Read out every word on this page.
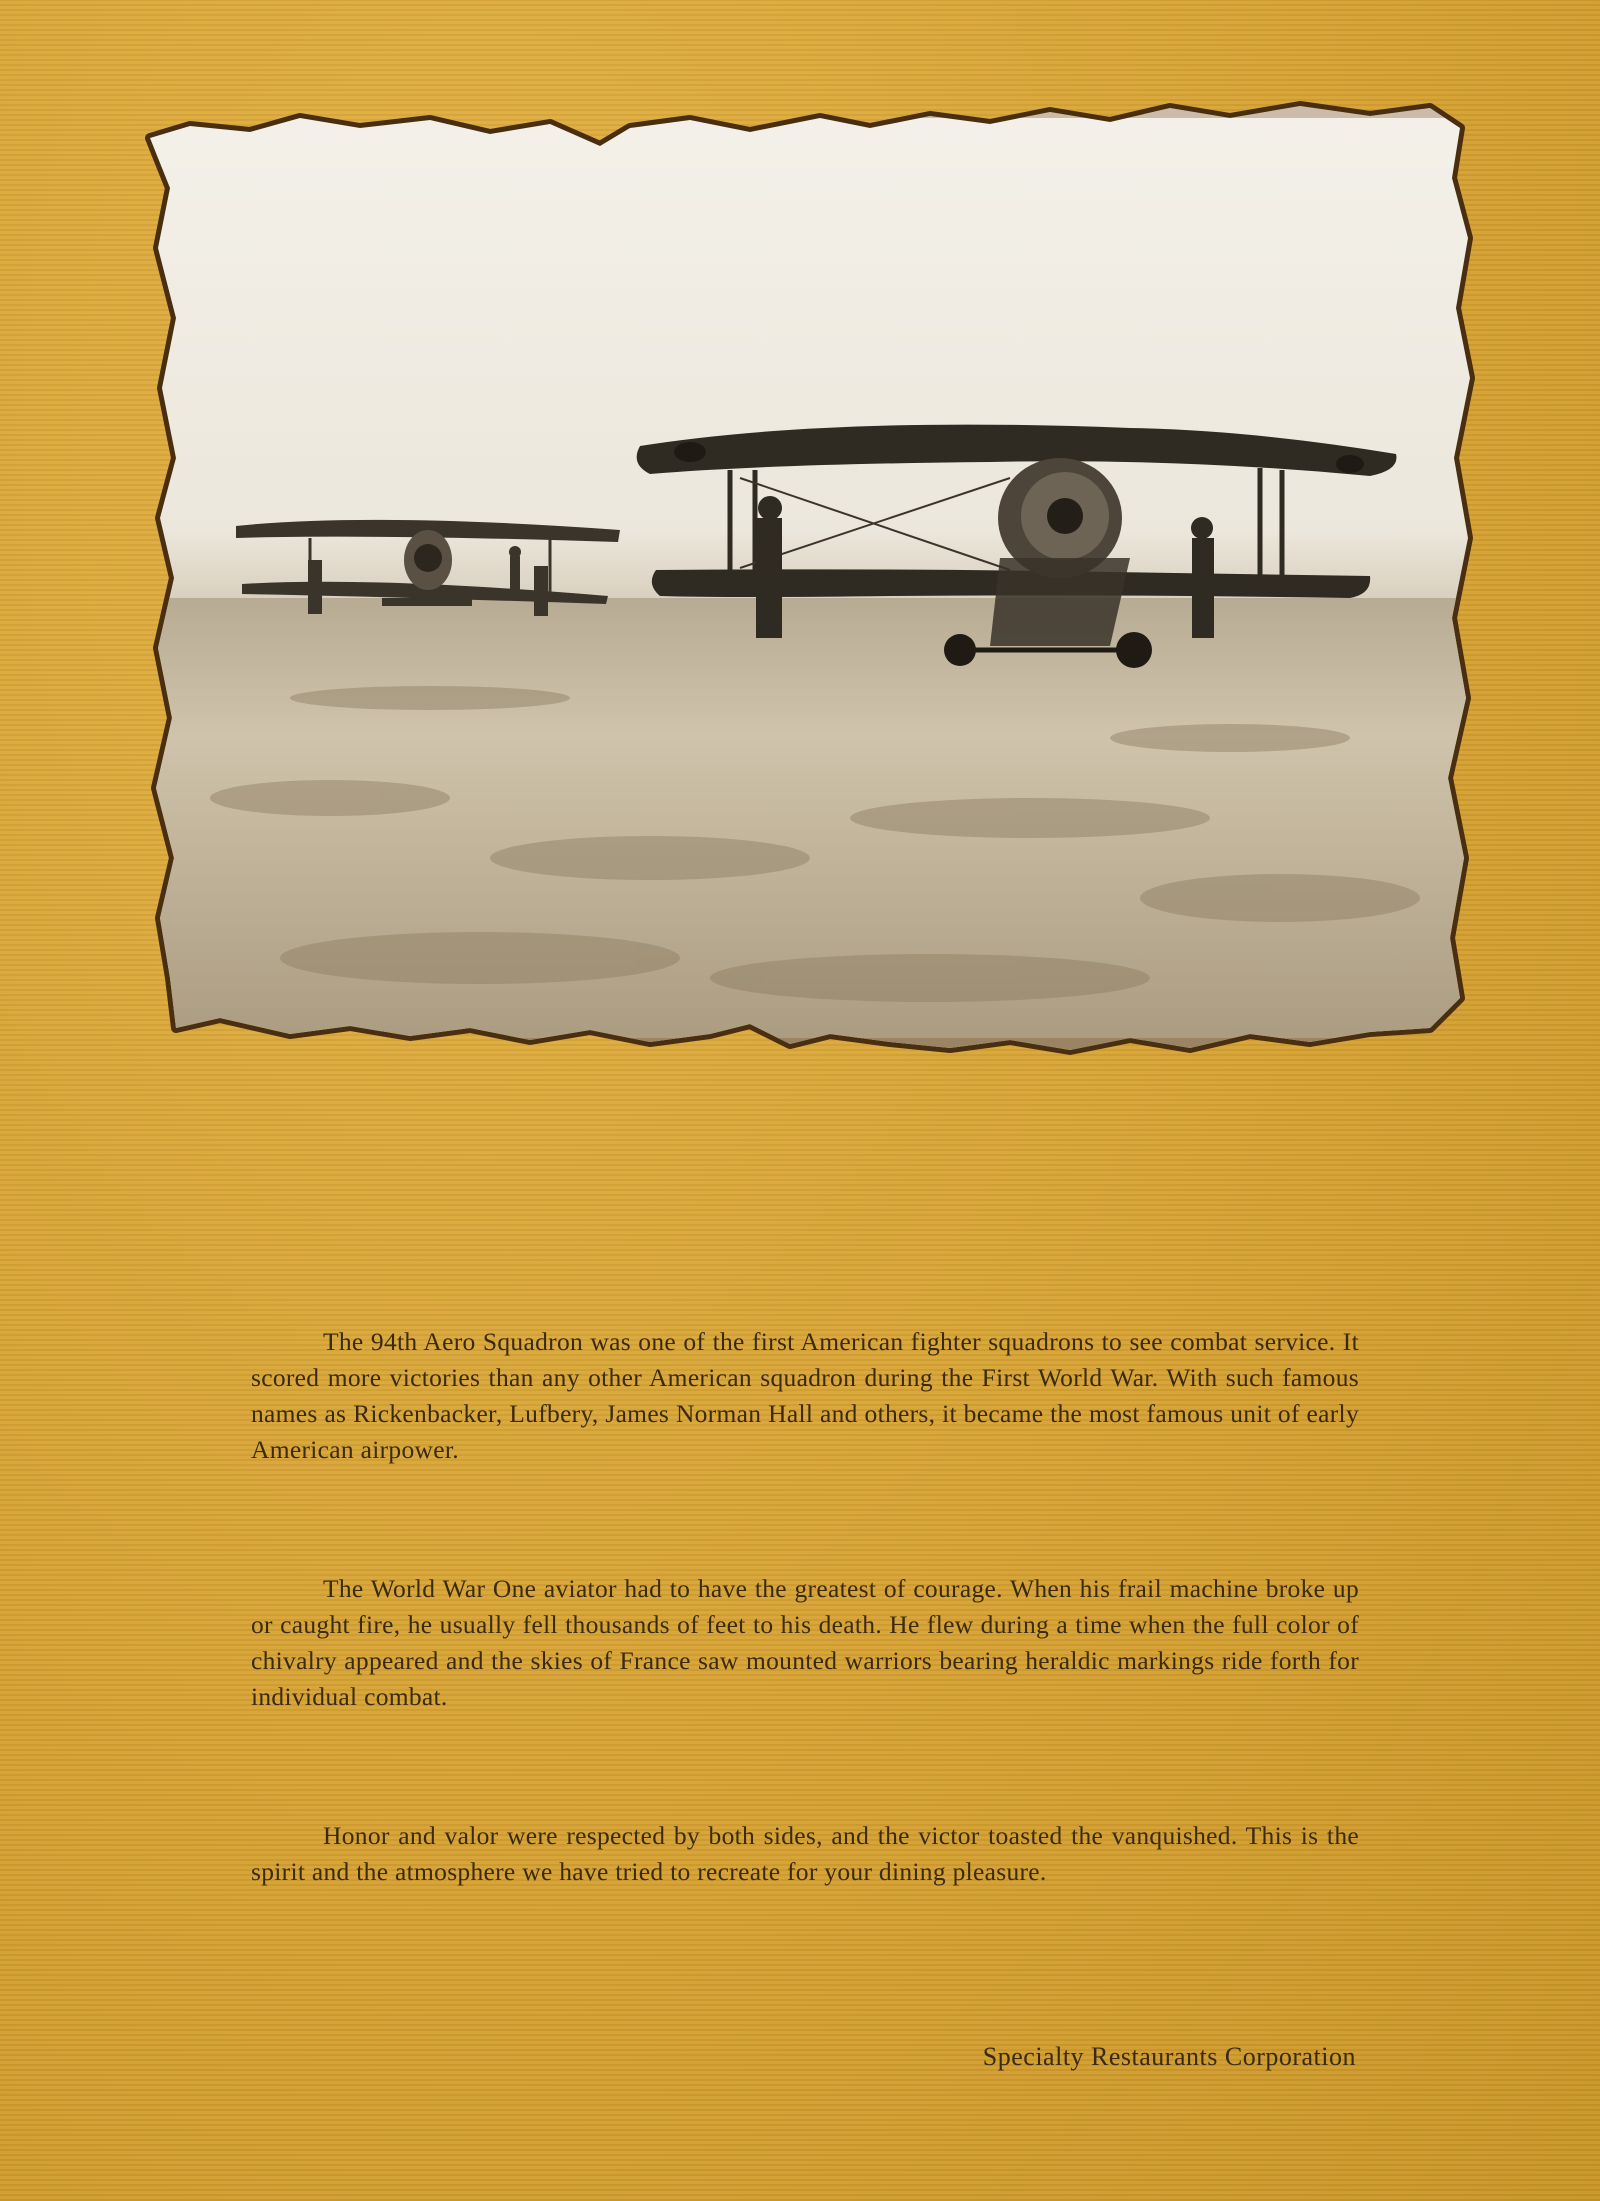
The 94th Aero Squadron was one of the first American fighter squadrons to see combat service. It scored more victories than any other American squadron during the First World War. With such famous names as Rickenbacker, Lufbery, James Norman Hall and others, it became the most famous unit of early American airpower.

The World War One aviator had to have the greatest of courage. When his frail machine broke up or caught fire, he usually fell thousands of feet to his death. He flew during a time when the full color of chivalry appeared and the skies of France saw mounted warriors bearing heraldic markings ride forth for individual combat.

Honor and valor were respected by both sides, and the victor toasted the vanquished. This is the spirit and the atmosphere we have tried to recreate for your dining pleasure.

Specialty Restaurants Corporation
